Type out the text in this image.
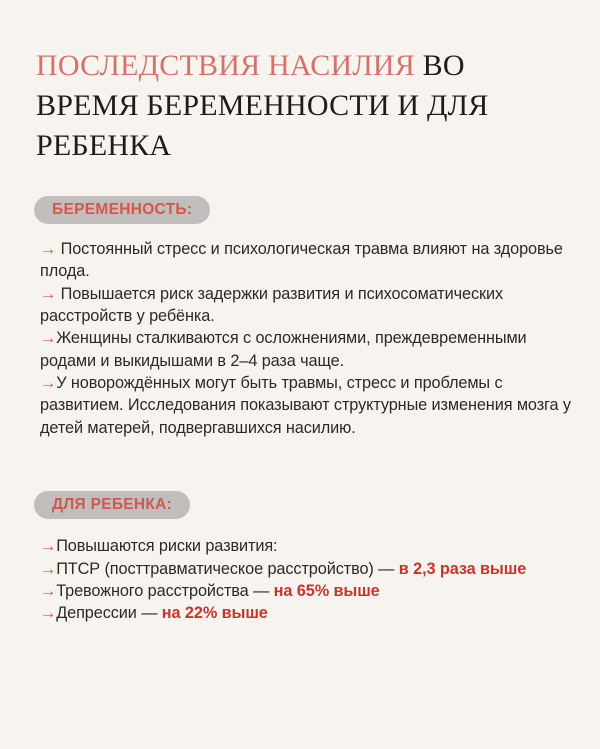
ПОСЛЕДСТВИЯ НАСИЛИЯ ВО ВРЕМЯ БЕРЕМЕННОСТИ И ДЛЯ РЕБЕНКА
БЕРЕМЕННОСТЬ:

→ Постоянный стресс и психологическая травма влияют на здоровье плода.

→ Повышается риск задержки развития и психосоматических расстройств у ребёнка.

→Женщины сталкиваются с осложнениями, преждевременными родами и выкидышами в 2–4 раза чаще.

→У новорождённых могут быть травмы, стресс и проблемы с развитием. Исследования показывают структурные изменения мозга у детей матерей, подвергавшихся насилию.

ДЛЯ РЕБЕНКА:

→Повышаются риски развития:

→ПТСР (посттравматическое расстройство) — в 2,3 раза выше

→Тревожного расстройства — на 65% выше

→Депрессии — на 22% выше
